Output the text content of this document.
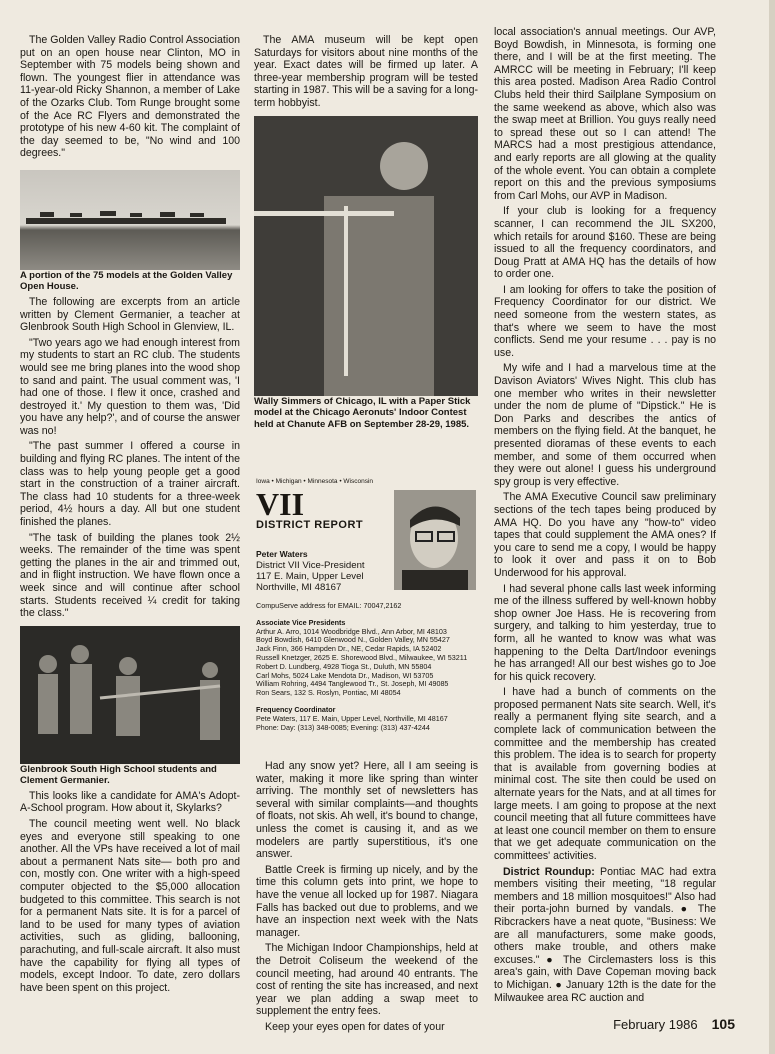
The Golden Valley Radio Control Association put on an open house near Clinton, MO in September with 75 models being shown and flown. The youngest flier in attendance was 11-year-old Ricky Shannon, a member of Lake of the Ozarks Club. Tom Runge brought some of the Ace RC Flyers and demonstrated the prototype of his new 4-60 kit. The complaint of the day seemed to be, "No wind and 100 degrees."

A portion of the 75 models at the Golden Valley Open House.

The following are excerpts from an article written by Clement Germanier, a teacher at Glenbrook South High School in Glenview, IL.

"Two years ago we had enough interest from my students to start an RC club. The students would see me bring planes into the wood shop to sand and paint. The usual comment was, 'I had one of those. I flew it once, crashed and destroyed it.' My question to them was, 'Did you have any help?', and of course the answer was no!

"The past summer I offered a course in building and flying RC planes. The intent of the class was to help young people get a good start in the construction of a trainer aircraft. The class had 10 students for a three-week period, 4½ hours a day. All but one student finished the planes.

"The task of building the planes took 2½ weeks. The remainder of the time was spent getting the planes in the air and trimmed out, and in flight instruction. We have flown once a week since and will continue after school starts. Students received ¼ credit for taking the class."

Glenbrook South High School students and Clement Germanier.

This looks like a candidate for AMA's Adopt-A-School program. How about it, Skylarks?

The council meeting went well. No black eyes and everyone still speaking to one another. All the VPs have received a lot of mail about a permanent Nats site— both pro and con, mostly con. One writer with a high-speed computer objected to the $5,000 allocation budgeted to this committee. This search is not for a permanent Nats site. It is for a parcel of land to be used for many types of aviation activities, such as gliding, ballooning, parachuting, and full-scale aircraft. It also must have the capability for flying all types of models, except Indoor. To date, zero dollars have been spent on this project.

The AMA museum will be kept open Saturdays for visitors about nine months of the year. Exact dates will be firmed up later. A three-year membership program will be tested starting in 1987. This will be a saving for a long-term hobbyist.

Wally Simmers of Chicago, IL with a Paper Stick model at the Chicago Aeronuts' Indoor Contest held at Chanute AFB on September 28-29, 1985.

Iowa • Michigan • Minnesota • Wisconsin
VII
DISTRICT REPORT

Peter Waters

District VII Vice-President

117 E. Main, Upper Level

Northville, MI 48167

CompuServe address for EMAIL: 70047,2162

Associate Vice Presidents

Arthur A. Arro, 1014 Woodbridge Blvd., Ann Arbor, MI 48103
Boyd Bowdish, 6410 Glenwood N., Golden Valley, MN 55427
Jack Finn, 366 Hampden Dr., NE, Cedar Rapids, IA 52402
Russell Knetzger, 2625 E. Shorewood Blvd., Milwaukee, WI 53211
Robert D. Lundberg, 4928 Tioga St., Duluth, MN 55804
Carl Mohs, 5024 Lake Mendota Dr., Madison, WI 53705
William Rohring, 4494 Tanglewood Tr., St. Joseph, MI 49085
Ron Sears, 132 S. Roslyn, Pontiac, MI 48054

Frequency Coordinator

Pete Waters, 117 E. Main, Upper Level, Northville, MI 48167
Phone: Day: (313) 348-0085; Evening: (313) 437-4244

Had any snow yet? Here, all I am seeing is water, making it more like spring than winter arriving. The monthly set of newsletters has several with similar complaints—and thoughts of floats, not skis. Ah well, it's bound to change, unless the comet is causing it, and as we modelers are partly superstitious, it's one answer.

Battle Creek is firming up nicely, and by the time this column gets into print, we hope to have the venue all locked up for 1987. Niagara Falls has backed out due to problems, and we have an inspection next week with the Nats manager.

The Michigan Indoor Championships, held at the Detroit Coliseum the weekend of the council meeting, had around 40 entrants. The cost of renting the site has increased, and next year we plan adding a swap meet to supplement the entry fees.

Keep your eyes open for dates of your

local association's annual meetings. Our AVP, Boyd Bowdish, in Minnesota, is forming one there, and I will be at the first meeting. The AMRCC will be meeting in February; I'll keep this area posted. Madison Area Radio Control Clubs held their third Sailplane Symposium on the same weekend as above, which also was the swap meet at Brillion. You guys really need to spread these out so I can attend! The MARCS had a most prestigious attendance, and early reports are all glowing at the quality of the whole event. You can obtain a complete report on this and the previous symposiums from Carl Mohs, our AVP in Madison.

If your club is looking for a frequency scanner, I can recommend the JIL SX200, which retails for around $160. These are being issued to all the frequency coordinators, and Doug Pratt at AMA HQ has the details of how to order one.

I am looking for offers to take the position of Frequency Coordinator for our district. We need someone from the western states, as that's where we seem to have the most conflicts. Send me your resume . . . pay is no use.

My wife and I had a marvelous time at the Davison Aviators' Wives Night. This club has one member who writes in their newsletter under the nom de plume of "Dipstick." He is Don Parks and describes the antics of members on the flying field. At the banquet, he presented dioramas of these events to each member, and some of them occurred when they were out alone! I guess his underground spy group is very effective.

The AMA Executive Council saw preliminary sections of the tech tapes being produced by AMA HQ. Do you have any "how-to" video tapes that could supplement the AMA ones? If you care to send me a copy, I would be happy to look it over and pass it on to Bob Underwood for his approval.

I had several phone calls last week informing me of the illness suffered by well-known hobby shop owner Joe Hass. He is recovering from surgery, and talking to him yesterday, true to form, all he wanted to know was what was happening to the Delta Dart/Indoor evenings he has arranged! All our best wishes go to Joe for his quick recovery.

I have had a bunch of comments on the proposed permanent Nats site search. Well, it's really a permanent flying site search, and a complete lack of communication between the committee and the membership has created this problem. The idea is to search for property that is available from governing bodies at minimal cost. The site then could be used on alternate years for the Nats, and at all times for large meets. I am going to propose at the next council meeting that all future committees have at least one council member on them to ensure that we get adequate communication on the committees' activities.

District Roundup: Pontiac MAC had extra members visiting their meeting, "18 regular members and 18 million mosquitoes!" Also had their porta-john burned by vandals. ● The Ribcrackers have a neat quote, "Business: We are all manufacturers, some make goods, others make trouble, and others make excuses." ● The Circlemasters loss is this area's gain, with Dave Copeman moving back to Michigan. ● January 12th is the date for the Milwaukee area RC auction and

February 1986 105
